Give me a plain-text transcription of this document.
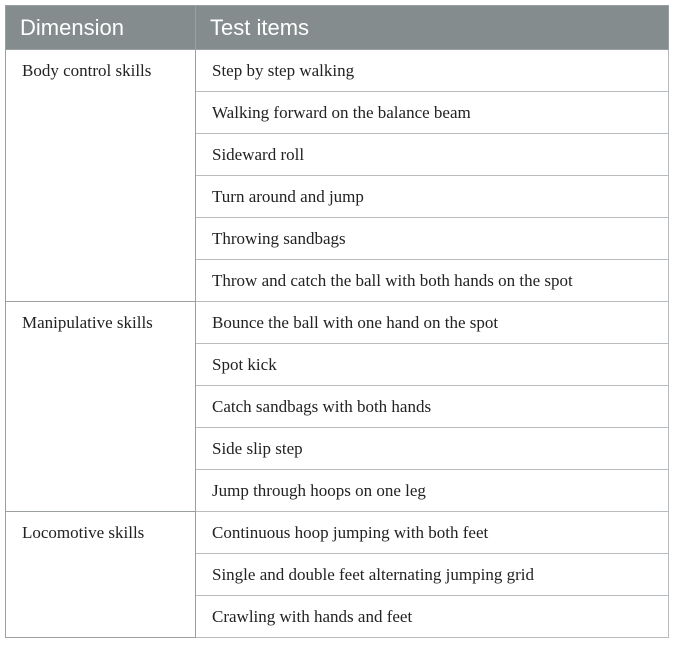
Dimension	Test items
Body control skills	Step by step walking
	Walking forward on the balance beam
	Sideward roll
	Turn around and jump
	Throwing sandbags
	Throw and catch the ball with both hands on the spot
Manipulative skills	Bounce the ball with one hand on the spot
	Spot kick
	Catch sandbags with both hands
	Side slip step
	Jump through hoops on one leg
Locomotive skills	Continuous hoop jumping with both feet
	Single and double feet alternating jumping grid
	Crawling with hands and feet
